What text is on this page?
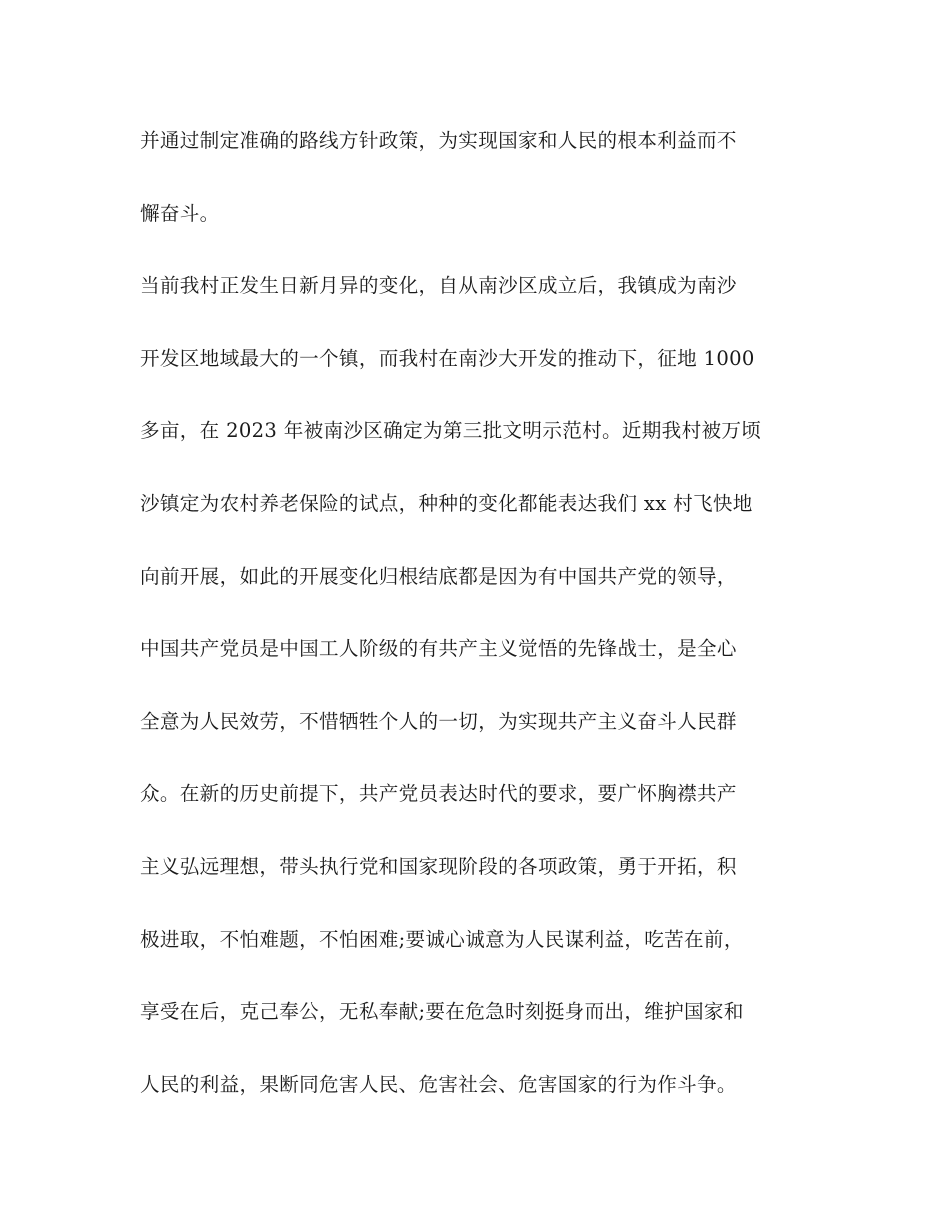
并通过制定准确的路线方针政策，为实现国家和人民的根本利益而不
懈奋斗。
当前我村正发生日新月异的变化，自从南沙区成立后，我镇成为南沙
开发区地域最大的一个镇，而我村在南沙大开发的推动下，征地 1000
多亩，在 2023 年被南沙区确定为第三批文明示范村。近期我村被万顷
沙镇定为农村养老保险的试点，种种的变化都能表达我们 xx 村飞快地
向前开展，如此的开展变化归根结底都是因为有中国共产党的领导，
中国共产党员是中国工人阶级的有共产主义觉悟的先锋战士，是全心
全意为人民效劳，不惜牺牲个人的一切，为实现共产主义奋斗人民群
众。在新的历史前提下，共产党员表达时代的要求，要广怀胸襟共产
主义弘远理想，带头执行党和国家现阶段的各项政策，勇于开拓，积
极进取，不怕难题，不怕困难;要诚心诚意为人民谋利益，吃苦在前，
享受在后，克己奉公，无私奉献;要在危急时刻挺身而出，维护国家和
人民的利益，果断同危害人民、危害社会、危害国家的行为作斗争。
